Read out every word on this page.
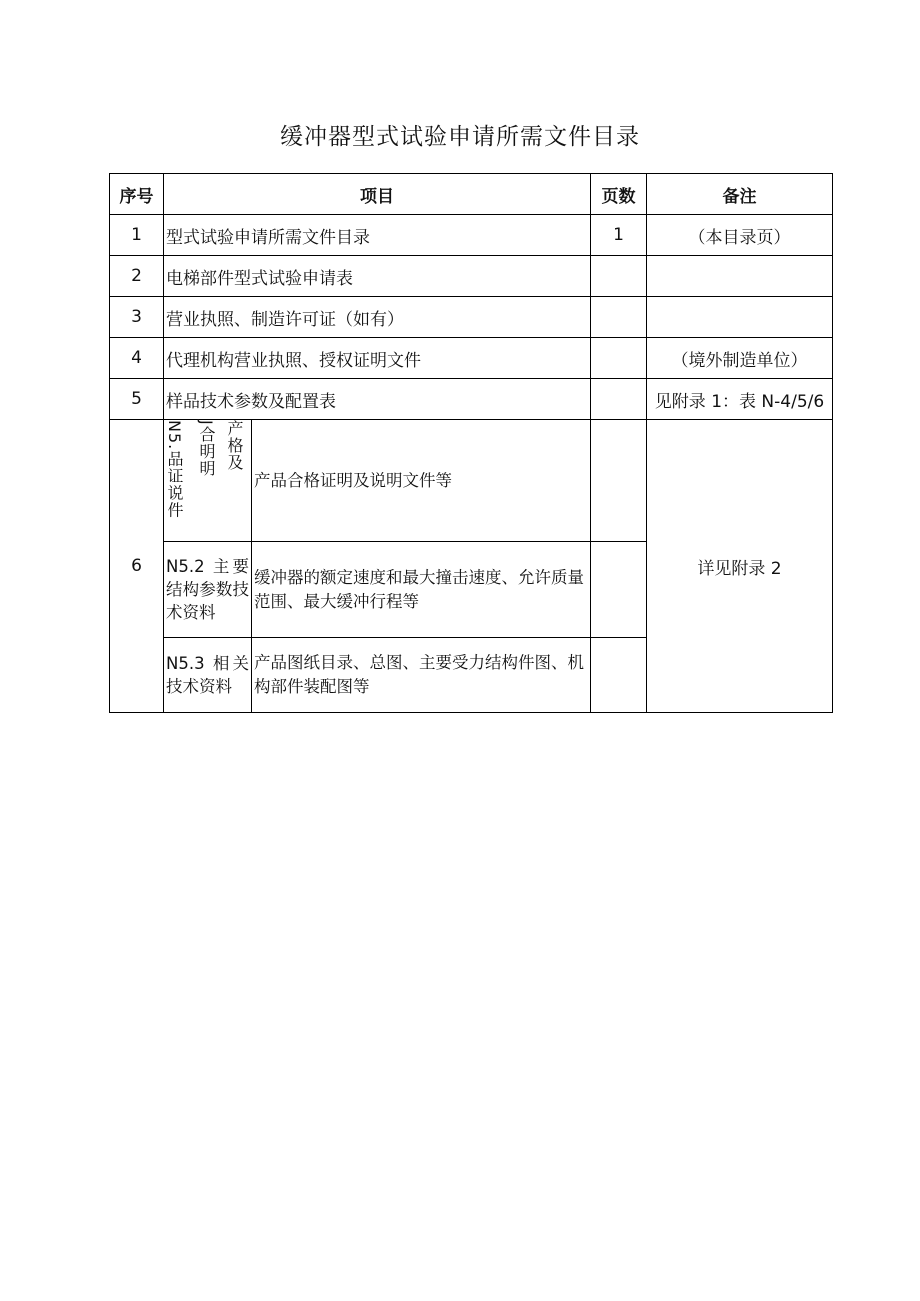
缓冲器型式试验申请所需文件目录
序号	项目		页数	备注
1	型式试验申请所需文件目录		1	（本目录页）
2	电梯部件型式试验申请表			
3	营业执照、制造许可证（如有）			
4	代理机构营业执照、授权证明文件			（境外制造单位）
5	样品技术参数及配置表			见附录 1：表 N-4/5/6
6	N5.品证说件 J合明明 产格及	产品合格证明及说明文件等		详见附录 2
	N5.2 主要结构参数技术资料	缓冲器的额定速度和最大撞击速度、允许质量范围、最大缓冲行程等		
	N5.3 相关技术资料	产品图纸目录、总图、主要受力结构件图、机构部件装配图等		
